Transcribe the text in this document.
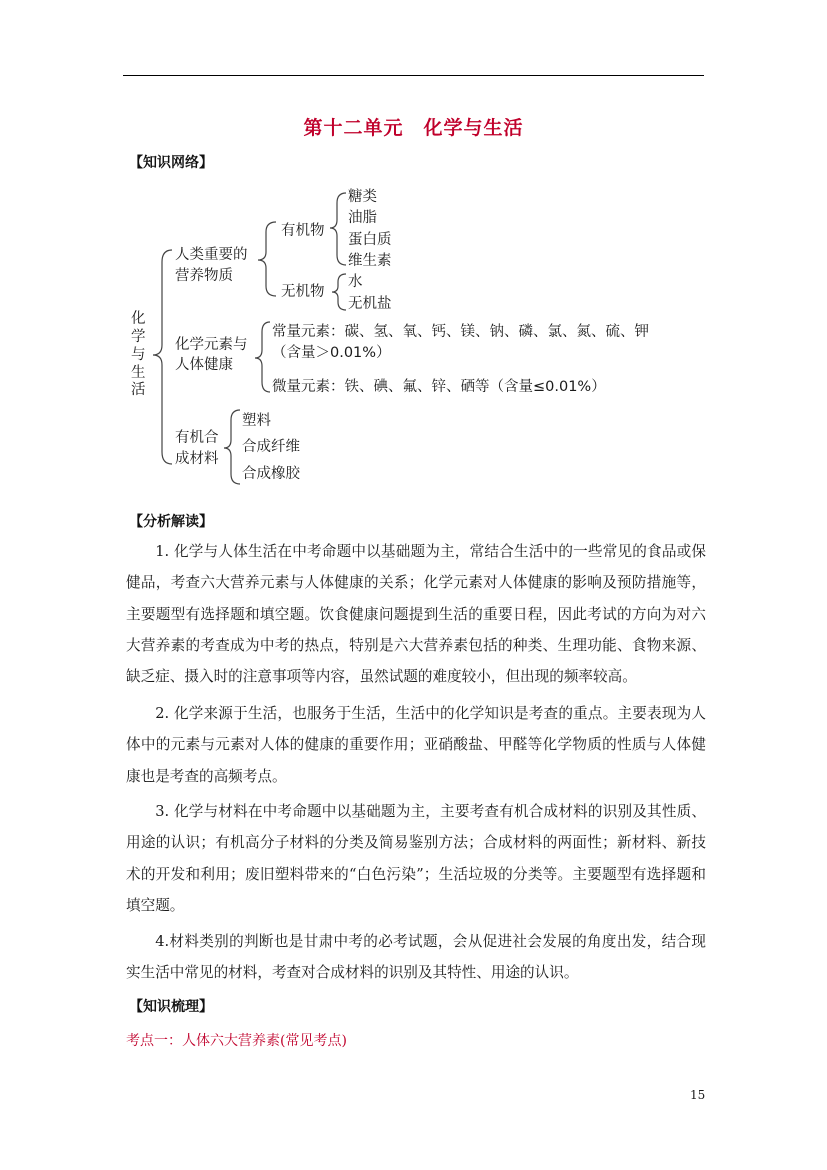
第十二单元　化学与生活
【知识网络】
化
学
与
生
活
人类重要的
营养物质
有机物
无机物
糖类
油脂
蛋白质
维生素
水
无机盐
化学元素与
人体健康
常量元素：碳、氢、氧、钙、镁、钠、磷、氯、氮、硫、钾
（含量＞0.01%）
微量元素：铁、碘、氟、锌、硒等（含量≤0.01%）
有机合
成材料
塑料
合成纤维
合成橡胶
【分析解读】

1. 化学与人体生活在中考命题中以基础题为主，常结合生活中的一些常见的食品或保健品，考查六大营养元素与人体健康的关系；化学元素对人体健康的影响及预防措施等，主要题型有选择题和填空题。饮食健康问题提到生活的重要日程，因此考试的方向为对六大营养素的考查成为中考的热点，特别是六大营养素包括的种类、生理功能、食物来源、缺乏症、摄入时的注意事项等内容，虽然试题的难度较小，但出现的频率较高。

2. 化学来源于生活，也服务于生活，生活中的化学知识是考查的重点。主要表现为人体中的元素与元素对人体的健康的重要作用；亚硝酸盐、甲醛等化学物质的性质与人体健康也是考查的高频考点。

3. 化学与材料在中考命题中以基础题为主，主要考查有机合成材料的识别及其性质、用途的认识；有机高分子材料的分类及简易鉴别方法；合成材料的两面性；新材料、新技术的开发和利用；废旧塑料带来的“白色污染”；生活垃圾的分类等。主要题型有选择题和填空题。

4.材料类别的判断也是甘肃中考的必考试题，会从促进社会发展的角度出发，结合现实生活中常见的材料，考查对合成材料的识别及其特性、用途的认识。

【知识梳理】
考点一：人体六大营养素(常见考点)
15
